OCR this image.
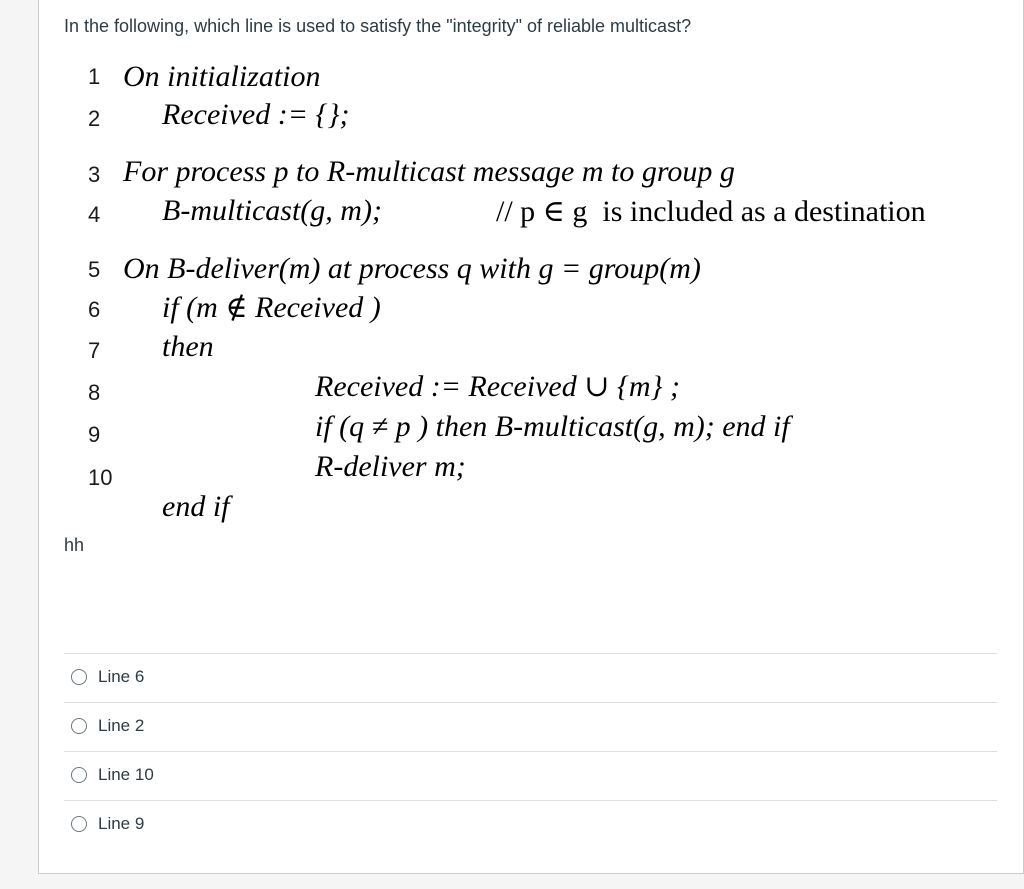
In the following, which line is used to satisfy the "integrity" of reliable multicast?
1 On initialization
2 Received := {};
3 For process p to R-multicast message m to group g
4 B-multicast(g, m);	// p ∈ g  is included as a destination
5 On B-deliver(m) at process q with g = group(m)
6 if (m ∉ Received )
7 then
8	Received := Received ∪ {m} ;
9	if (q ≠ p ) then B-multicast(g, m); end if
10	R-deliver m;
end if
hh
Line 6
Line 2
Line 10
Line 9
